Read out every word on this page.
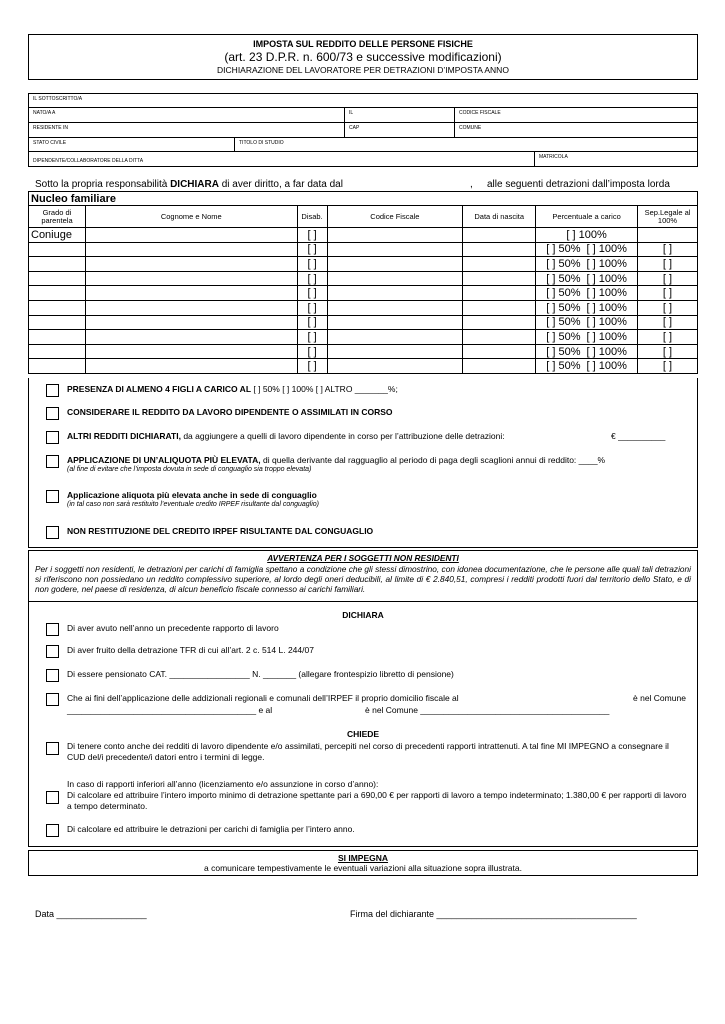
IMPOSTA SUL REDDITO DELLE PERSONE FISICHE
(art. 23 D.P.R. n. 600/73 e successive modificazioni)
DICHIARAZIONE DEL LAVORATORE PER DETRAZIONI D’IMPOSTA ANNO
IL SOTTOSCRITTO/A
NATO/A A	IL	CODICE FISCALE
RESIDENTE IN	CAP	COMUNE
STATO CIVILE	TITOLO DI STUDIO
DIPENDENTE/COLLABORATORE DELLA DITTA
MATRICOLA
Sotto la propria responsabilità DICHIARA di aver diritto, a far data dal	, alle seguenti detrazioni dall’imposta lorda
Nucleo familiare						
Grado di parentela	Cognome e Nome	Disab.	Codice Fiscale	Data di nascita	Percentuale a carico	Sep.Legale al 100%
Coniuge		[ ]			[ ] 100%	
		[ ]			[ ] 50% [ ] 100%	[ ]
		[ ]			[ ] 50% [ ] 100%	[ ]
		[ ]			[ ] 50% [ ] 100%	[ ]
		[ ]			[ ] 50% [ ] 100%	[ ]
		[ ]			[ ] 50% [ ] 100%	[ ]
		[ ]			[ ] 50% [ ] 100%	[ ]
		[ ]			[ ] 50% [ ] 100%	[ ]
		[ ]			[ ] 50% [ ] 100%	[ ]
		[ ]			[ ] 50% [ ] 100%	[ ]
PRESENZA DI ALMENO 4 FIGLI A CARICO AL [ ] 50% [ ] 100% [ ] ALTRO _______%;
CONSIDERARE IL REDDITO DA LAVORO DIPENDENTE O ASSIMILATI IN CORSO
ALTRI REDDITI DICHIARATI, da aggiungere a quelli di lavoro dipendente in corso per l’attribuzione delle detrazioni:	€ __________
APPLICAZIONE DI UN’ALIQUOTA PIÙ ELEVATA, di quella derivante dal ragguaglio al periodo di paga degli scaglioni annui di reddito: ____%
(al fine di evitare che l’imposta dovuta in sede di conguaglio sia troppo elevata)
Applicazione aliquota più elevata anche in sede di conguaglio
(in tal caso non sarà restituito l’eventuale credito IRPEF risultante dal conguaglio)
NON RESTITUZIONE DEL CREDITO IRPEF RISULTANTE DAL CONGUAGLIO
AVVERTENZA PER I SOGGETTI NON RESIDENTI
Per i soggetti non residenti, le detrazioni per carichi di famiglia spettano a condizione che gli stessi dimostrino, con idonea documentazione, che le persone alle quali tali detrazioni si riferiscono non possiedano un reddito complessivo superiore, al lordo degli oneri deducibili, al limite di € 2.840,51, compresi i redditi prodotti fuori dal territorio dello Stato, e di non godere, nel paese di residenza, di alcun beneficio fiscale connesso ai carichi familiari.
DICHIARA
Di aver avuto nell’anno un precedente rapporto di lavoro
Di aver fruito della detrazione TFR di cui all’art. 2 c. 514 L. 244/07
Di essere pensionato CAT. _________________ N. _______ (allegare frontespizio libretto di pensione)
Che ai fini dell’applicazione delle addizionali regionali e comunali dell’IRPEF il proprio domicilio fiscale al	è nel Comune
________________________________________ e al	è nel Comune ________________________________________
CHIEDE
Di tenere conto anche dei redditi di lavoro dipendente e/o assimilati, percepiti nel corso di precedenti rapporti intrattenuti. A tal fine MI IMPEGNO a consegnare il CUD del/i precedente/i datori entro i termini di legge.
In caso di rapporti inferiori all’anno (licenziamento e/o assunzione in corso d’anno):
Di calcolare ed attribuire l’intero importo minimo di detrazione spettante pari a 690,00 € per rapporti di lavoro a tempo indeterminato; 1.380,00 € per rapporti di lavoro a tempo determinato.
Di calcolare ed attribuire le detrazioni per carichi di famiglia per l’intero anno.
SI IMPEGNA
a comunicare tempestivamente le eventuali variazioni alla situazione sopra illustrata.
Data __________________	Firma del dichiarante ________________________________________
